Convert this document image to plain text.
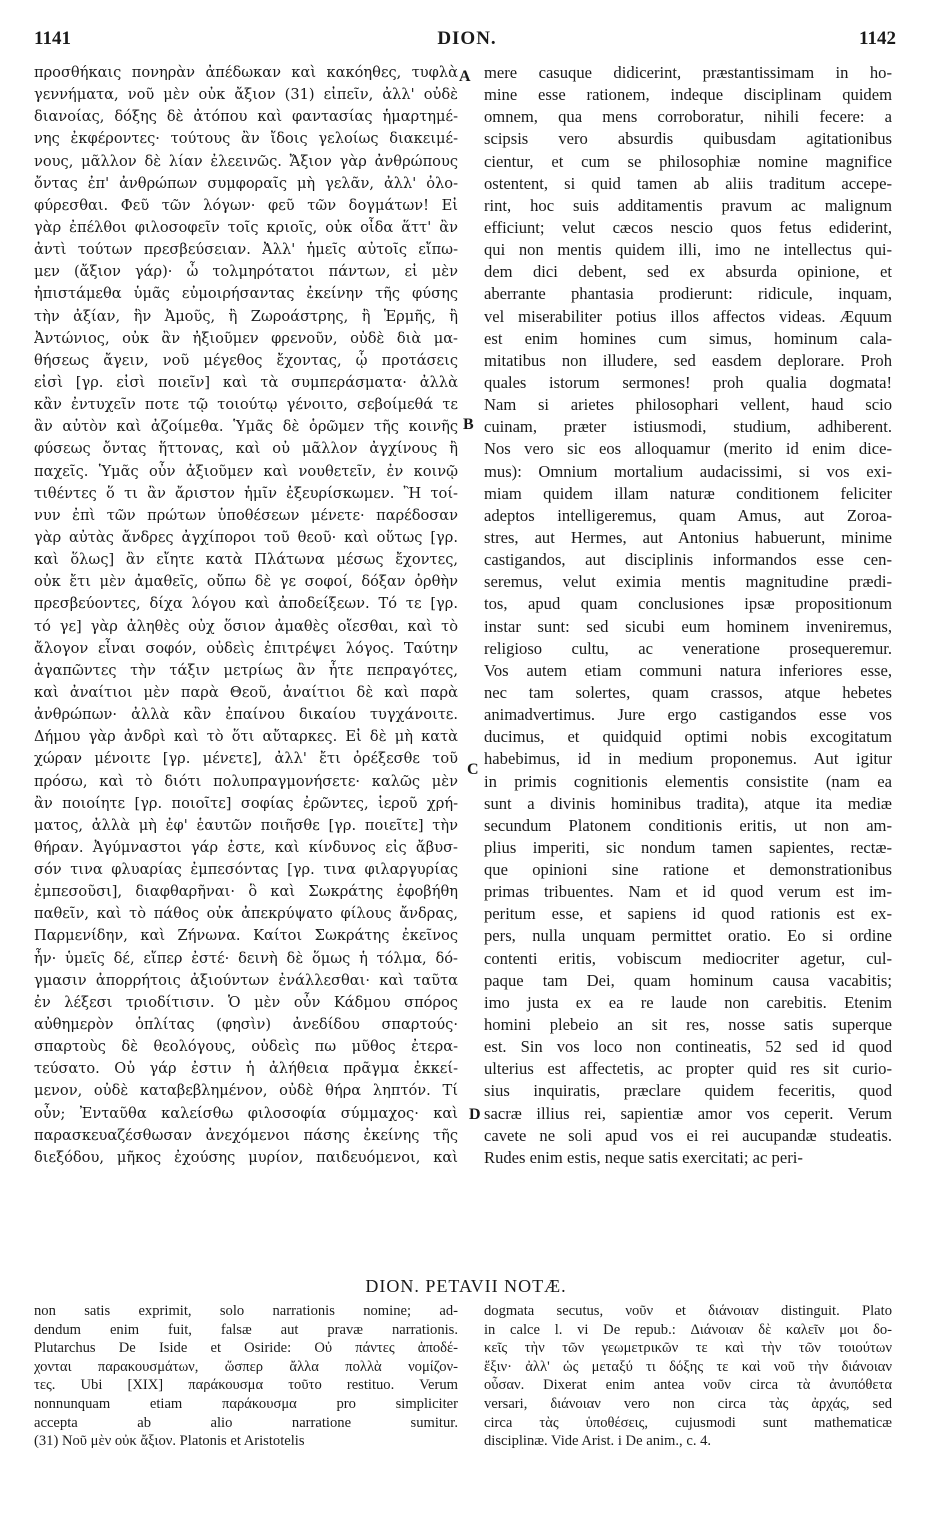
1141	DION.	1142
προσθήκαις πονηρὰν ἀπέδωκαν καὶ κακόηθες, τυφλὰ
γεννήματα, νοῦ μὲν οὐκ ἄξιον (31) εἰπεῖν, ἀλλ' οὐδὲ
διανοίας, δόξης δὲ ἀτόπου καὶ φαντασίας ἡμαρτημέ-
νης ἐκφέροντες· τούτους ἂν ἴδοις γελοίως διακειμέ-
νους, μᾶλλον δὲ λίαν ἐλεεινῶς. Ἄξιον γὰρ ἀνθρώπους
ὄντας ἐπ' ἀνθρώπων συμφοραῖς μὴ γελᾶν, ἀλλ' ὀλο-
φύρεσθαι. Φεῦ τῶν λόγων· φεῦ τῶν δογμάτων! Εἰ
γὰρ ἐπέλθοι φιλοσοφεῖν τοῖς κριοῖς, οὐκ οἶδα ἅττ' ἂν
ἀντὶ τούτων πρεσβεύσειαν. Ἀλλ' ἡμεῖς αὐτοῖς εἴπω-
μεν (ἄξιον γάρ)· ὦ τολμηρότατοι πάντων, εἰ μὲν
ἠπιστάμεθα ὑμᾶς εὐμοιρήσαντας ἐκείνην τῆς φύσης
τὴν ἀξίαν, ἣν Ἀμοῦς, ἢ Ζωροάστρης, ἢ Ἑρμῆς, ἢ
Ἀντώνιος, οὐκ ἂν ἠξιοῦμεν φρενοῦν, οὐδὲ διὰ μα-
θήσεως ἄγειν, νοῦ μέγεθος ἔχοντας, ᾧ προτάσεις
εἰσὶ [γρ. εἰσὶ ποιεῖν] καὶ τὰ συμπεράσματα· ἀλλὰ
κἂν ἐντυχεῖν ποτε τῷ τοιούτῳ γένοιτο, σεβοίμεθά τε
ἂν αὐτὸν καὶ ἀζοίμεθα. Ὑμᾶς δὲ ὁρῶμεν τῆς κοινῆς
φύσεως ὄντας ἥττονας, καὶ οὐ μᾶλλον ἀγχίνους ἢ
παχεῖς. Ὑμᾶς οὖν ἀξιοῦμεν καὶ νουθετεῖν, ἐν κοινῷ
τιθέντες ὅ τι ἂν ἄριστον ἡμῖν ἐξευρίσκωμεν. Ἢ τοί-
νυν ἐπὶ τῶν πρώτων ὑποθέσεων μένετε· παρέδοσαν
γὰρ αὐτὰς ἄνδρες ἀγχίποροι τοῦ θεοῦ· καὶ οὕτως [γρ.
καὶ ὅλως] ἂν εἴητε κατὰ Πλάτωνα μέσως ἔχοντες,
οὐκ ἔτι μὲν ἀμαθεῖς, οὔπω δὲ γε σοφοί, δόξαν ὀρθὴν
πρεσβεύοντες, δίχα λόγου καὶ ἀποδείξεων. Τό τε [γρ.
τό γε] γὰρ ἀληθὲς οὐχ ὅσιον ἀμαθὲς οἴεσθαι, καὶ τὸ
ἄλογον εἶναι σοφόν, οὐδεὶς ἐπιτρέψει λόγος. Ταύτην
ἀγαπῶντες τὴν τάξιν μετρίως ἂν ἦτε πεπραγότες,
καὶ ἀναίτιοι μὲν παρὰ Θεοῦ, ἀναίτιοι δὲ καὶ παρὰ
ἀνθρώπων· ἀλλὰ κἂν ἐπαίνου δικαίου τυγχάνοιτε.
Δήμου γὰρ ἀνδρὶ καὶ τὸ ὅτι αὔταρκες. Εἰ δὲ μὴ κατὰ
χώραν μένοιτε [γρ. μένετε], ἀλλ' ἔτι ὀρέξεσθε τοῦ
πρόσω, καὶ τὸ διότι πολυπραγμονήσετε· καλῶς μὲν
ἂν ποιοίητε [γρ. ποιοῖτε] σοφίας ἐρῶντες, ἱεροῦ χρή-
ματος, ἀλλὰ μὴ ἐφ' ἑαυτῶν ποιῆσθε [γρ. ποιεῖτε] τὴν
θήραν. Ἀγύμναστοι γάρ ἐστε, καὶ κίνδυνος εἰς ἄβυσ-
σόν τινα φλυαρίας ἐμπεσόντας [γρ. τινα φιλαργυρίας
ἐμπεσοῦσι], διαφθαρῆναι· ὃ καὶ Σωκράτης ἐφοβήθη
παθεῖν, καὶ τὸ πάθος οὐκ ἀπεκρύψατο φίλους ἄνδρας,
Παρμενίδην, καὶ Ζήνωνα. Καίτοι Σωκράτης ἐκεῖνος
ἦν· ὑμεῖς δέ, εἴπερ ἐστέ· δεινὴ δὲ ὅμως ἡ τόλμα, δό-
γμασιν ἀπορρήτοις ἀξιούντων ἐνάλλεσθαι· καὶ ταῦτα
ἐν λέξεσι τριοδίτισιν. Ὁ μὲν οὖν Κάδμου σπόρος
αὐθημερὸν ὁπλίτας (φησὶν) ἀνεδίδου σπαρτούς·
σπαρτοὺς δὲ θεολόγους, οὐδεὶς πω μῦθος ἐτερα-
τεύσατο. Οὐ γάρ ἐστιν ἡ ἀλήθεια πρᾶγμα ἐκκεί-
μενον, οὐδὲ καταβεβλημένον, οὐδὲ θήρα ληπτόν. Τί
οὖν; Ἐνταῦθα καλείσθω φιλοσοφία σύμμαχος· καὶ
παρασκευαζέσθωσαν ἀνεχόμενοι πάσης ἐκείνης τῆς
διεξόδου, μῆκος ἐχούσης μυρίον, παιδευόμενοι, καὶ
mere casuque didicerint, præstantissimam in ho-
mine esse rationem, indeque disciplinam quidem
omnem, qua mens corroboratur, nihili fecere: a
scipsis vero absurdis quibusdam agitationibus
cientur, et cum se philosophiæ nomine magnifice
ostentent, si quid tamen ab aliis traditum accepe-
rint, hoc suis additamentis pravum ac malignum
efficiunt; velut cæcos nescio quos fetus ediderint,
qui non mentis quidem illi, imo ne intellectus qui-
dem dici debent, sed ex absurda opinione, et
aberrante phantasia prodierunt: ridicule, inquam,
vel miserabiliter potius illos affectos videas. Æquum
est enim homines cum simus, hominum cala-
mitatibus non illudere, sed easdem deplorare. Proh
quales istorum sermones! proh qualia dogmata!
Nam si arietes philosophari vellent, haud scio
cuinam, præter istiusmodi, studium, adhiberent.
Nos vero sic eos alloquamur (merito id enim dice-
mus): Omnium mortalium audacissimi, si vos exi-
miam quidem illam naturæ conditionem feliciter
adeptos intelligeremus, quam Amus, aut Zoroa-
stres, aut Hermes, aut Antonius habuerunt, minime
castigandos, aut disciplinis informandos esse cen-
seremus, velut eximia mentis magnitudine prædi-
tos, apud quam conclusiones ipsæ propositionum
instar sunt: sed sicubi eum hominem inveniremus,
religioso cultu, ac veneratione prosequeremur.
Vos autem etiam communi natura inferiores esse,
nec tam solertes, quam crassos, atque hebetes
animadvertimus. Jure ergo castigandos esse vos
ducimus, et quidquid optimi nobis excogitatum
habebimus, id in medium proponemus. Aut igitur
in primis cognitionis elementis consistite (nam ea
sunt a divinis hominibus tradita), atque ita mediæ
secundum Platonem conditionis eritis, ut non am-
plius imperiti, sic nondum tamen sapientes, rectæ-
que opinioni sine ratione et demonstrationibus
primas tribuentes. Nam et id quod verum est im-
peritum esse, et sapiens id quod rationis est ex-
pers, nulla unquam permittet oratio. Eo si ordine
contenti eritis, vobiscum mediocriter agetur, cul-
paque tam Dei, quam hominum causa vacabitis;
imo justa ex ea re laude non carebitis. Etenim
homini plebeio an sit res, nosse satis superque
est. Sin vos loco non contineatis, 52 sed id quod
ulterius est affectetis, ac propter quid res sit curio-
sius inquiratis, præclare quidem feceritis, quod
sacræ illius rei, sapientiæ amor vos ceperit. Verum
cavete ne soli apud vos ei rei aucupandæ studeatis.
Rudes enim estis, neque satis exercitati; ac peri-
A
B
C
D
DION. PETAVII NOTÆ.
non satis exprimit, solo narrationis nomine; ad-
dendum enim fuit, falsæ aut pravæ narrationis.
Plutarchus De Iside et Osiride: Οὐ πάντες ἀποδέ-
χονται παρακουσμάτων, ὥσπερ ἄλλα πολλὰ νομίζον-
τες. Ubi [XIX] παράκουσμα τοῦτο restituo. Verum
nonnunquam etiam παράκουσμα pro simpliciter
accepta ab alio narratione sumitur.
(31) Νοῦ μὲν οὐκ ἄξιον. Platonis et Aristotelis
dogmata secutus, νοῦν et διάνοιαν distinguit. Plato
in calce l. vi De repub.: Διάνοιαν δὲ καλεῖν μοι δο-
κεῖς τὴν τῶν γεωμετρικῶν τε καὶ τὴν τῶν τοιούτων
ἕξιν· ἀλλ' ὡς μεταξύ τι δόξης τε καὶ νοῦ τὴν διάνοιαν
οὖσαν. Dixerat enim antea νοῦν circa τὰ ἀνυπόθετα
versari, διάνοιαν vero non circa τὰς ἀρχάς, sed
circa τὰς ὑποθέσεις, cujusmodi sunt mathematicæ
disciplinæ. Vide Arist. i De anim., c. 4.
